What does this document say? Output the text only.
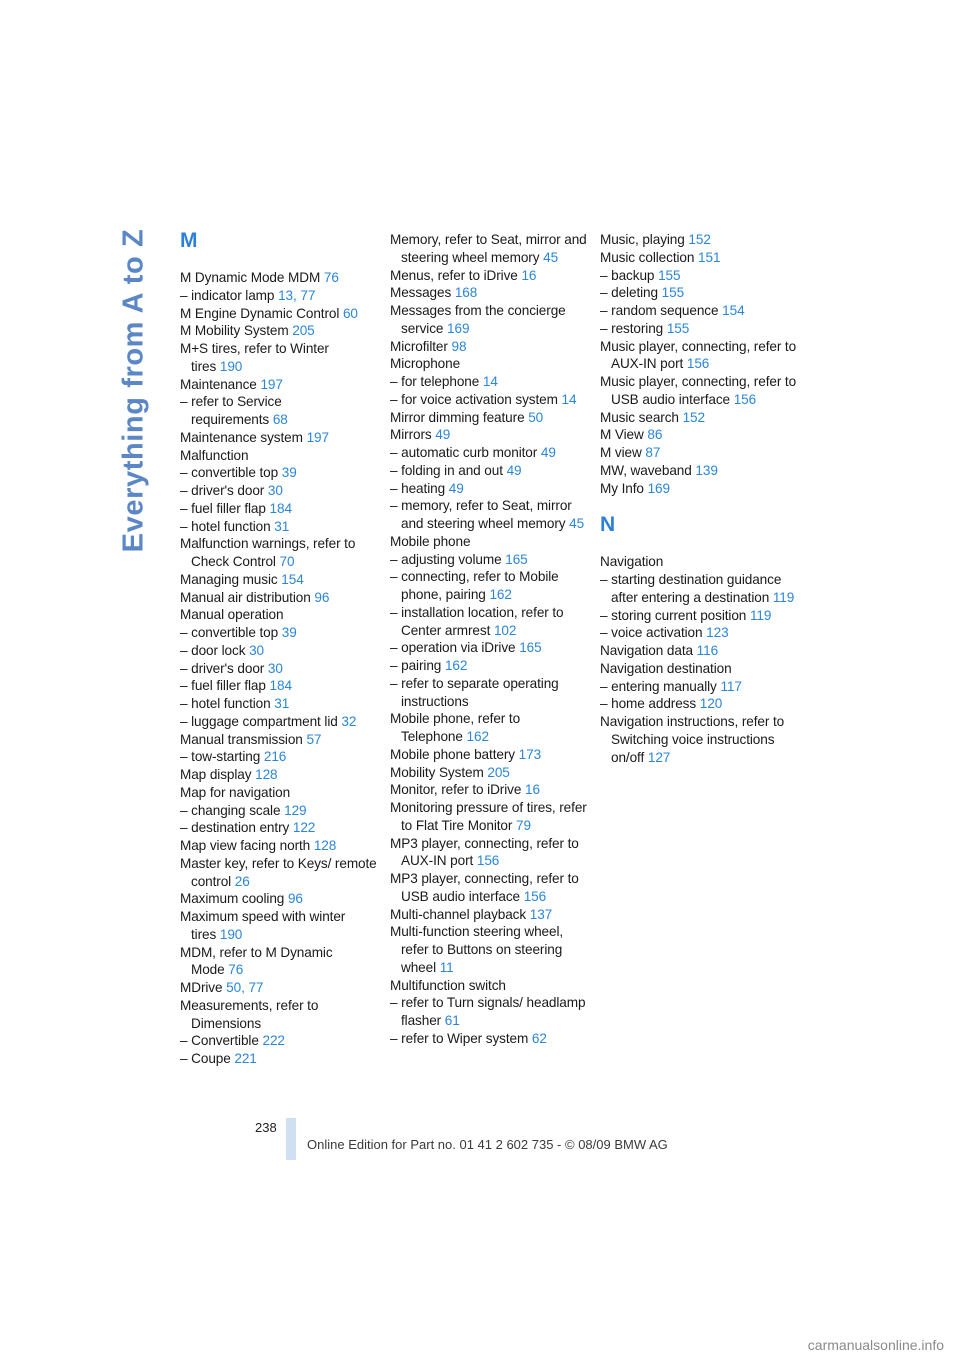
Everything from A to Z M
M Dynamic Mode MDM 76
– indicator lamp 13, 77
M Engine Dynamic Control 60
M Mobility System 205
M+S tires, refer to Winter tires 190
Maintenance 197
– refer to Service requirements 68
Maintenance system 197
Malfunction
– convertible top 39
– driver's door 30
– fuel filler flap 184
– hotel function 31
Malfunction warnings, refer to Check Control 70
Managing music 154
Manual air distribution 96
Manual operation
– convertible top 39
– door lock 30
– driver's door 30
– fuel filler flap 184
– hotel function 31
– luggage compartment lid 32
Manual transmission 57
– tow-starting 216
Map display 128
Map for navigation
– changing scale 129
– destination entry 122
Map view facing north 128
Master key, refer to Keys/ remote control 26
Maximum cooling 96
Maximum speed with winter tires 190
MDM, refer to M Dynamic Mode 76
MDrive 50, 77
Measurements, refer to Dimensions
– Convertible 222
– Coupe 221
Memory, refer to Seat, mirror and steering wheel memory 45
Menus, refer to iDrive 16
Messages 168
Messages from the concierge service 169
Microfilter 98
Microphone
– for telephone 14
– for voice activation system 14
Mirror dimming feature 50
Mirrors 49
– automatic curb monitor 49
– folding in and out 49
– heating 49
– memory, refer to Seat, mirror and steering wheel memory 45
Mobile phone
– adjusting volume 165
– connecting, refer to Mobile phone, pairing 162
– installation location, refer to Center armrest 102
– operation via iDrive 165
– pairing 162
– refer to separate operating instructions
Mobile phone, refer to Telephone 162
Mobile phone battery 173
Mobility System 205
Monitor, refer to iDrive 16
Monitoring pressure of tires, refer to Flat Tire Monitor 79
MP3 player, connecting, refer to AUX-IN port 156
MP3 player, connecting, refer to USB audio interface 156
Multi-channel playback 137
Multi-function steering wheel, refer to Buttons on steering wheel 11
Multifunction switch
– refer to Turn signals/ headlamp flasher 61
– refer to Wiper system 62
Music, playing 152
Music collection 151
– backup 155
– deleting 155
– random sequence 154
– restoring 155
Music player, connecting, refer to AUX-IN port 156
Music player, connecting, refer to USB audio interface 156
Music search 152
M View 86
M view 87
MW, waveband 139
My Info 169
N
Navigation
– starting destination guidance after entering a destination 119
– storing current position 119
– voice activation 123
Navigation data 116
Navigation destination
– entering manually 117
– home address 120
Navigation instructions, refer to Switching voice instructions on/off 127
238
Online Edition for Part no. 01 41 2 602 735 - © 08/09 BMW AG
carmanualsonline.info
